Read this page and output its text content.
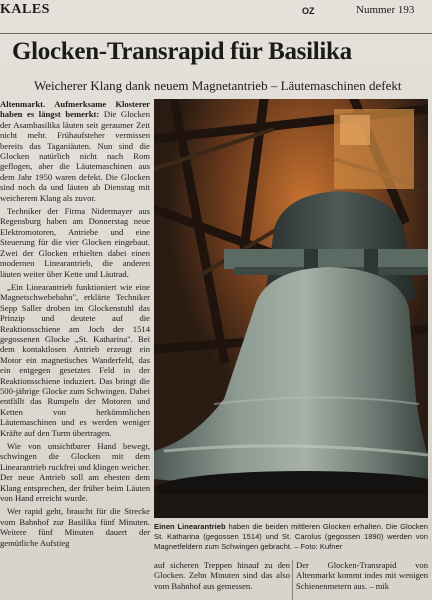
KALES	OZ	Nummer 193
Glocken-Transrapid für Basilika
Weicherer Klang dank neuem Magnetantrieb – Läutemaschinen defekt

Altenmarkt. Aufmerksame Klosterer haben es längst bemerkt: Die Glocken der Asambasilika läuten seit geraumer Zeit nicht mehr. Frühaufsteher vermissen bereits das Taganiäuten. Nun sind die Glocken natürlich nicht nach Rom geflogen, aber die Läutemaschinen aus dem Jahr 1950 waren defekt. Die Glocken sind noch da und läuten ab Dienstag mit weicherem Klang als zuvor.

Techniker der Firma Nidermayer aus Regensburg haben am Donnerstag neue Elektromotoren, Antriebe und eine Steuerung für die vier Glocken eingebaut. Zwei der Glocken erhielten dabei einen modernen Linearantrieb, die anderen läuten weiter über Kette und Läutrad.

„Ein Linearantrieb funktioniert wie eine Magnetschwebebahn", erklärte Techniker Sepp Saller droben im Glockenstuhl das Prinzip und deutete auf die Reaktionsschiene am Joch der 1514 gegossenen Glocke „St. Katharina". Bei dem kontaktlosen Antrieb erzeugt ein Motor ein magnetisches Wanderfeld, das ein entgegen gesetztes Feld in der Reaktionsschiene induziert. Das bringt die 500-jährige Glocke zum Schwingen. Dabei entfällt das Rumpeln der Motoren und Ketten von herkömmlichen Läutemaschinen und es werden weniger Kräfte auf den Turm übertragen.

Wie von unsichtbarer Hand bewegt, schwingen die Glocken mit dem Linearantrieb ruckfrei und klingen weicher. Der neue Antrieb soll am ehesten dem Klang entsprechen, der früher beim Läuten von Hand erreicht wurde.

Wer rapid geht, braucht für die Strecke vom Bahnhof zur Basilika fünf Minuten. Weitere fünf Minuten dauert der gemütliche Aufstieg

Einen Linearantrieb haben die beiden mittleren Glocken erhalten. Die Glocken St. Katharina (gegossen 1514) und St. Carolus (gegossen 1890) werden von Magnetfeldern zum Schwingen gebracht. – Foto: Kufner
auf sicheren Treppen hinauf zu den Glocken. Zehn Minuten sind das also vom Bahnhof aus gemessen.
Der Glocken-Transrapid von Altenmarkt kommt indes mit wenigen Schienenmetern aus. – mik
